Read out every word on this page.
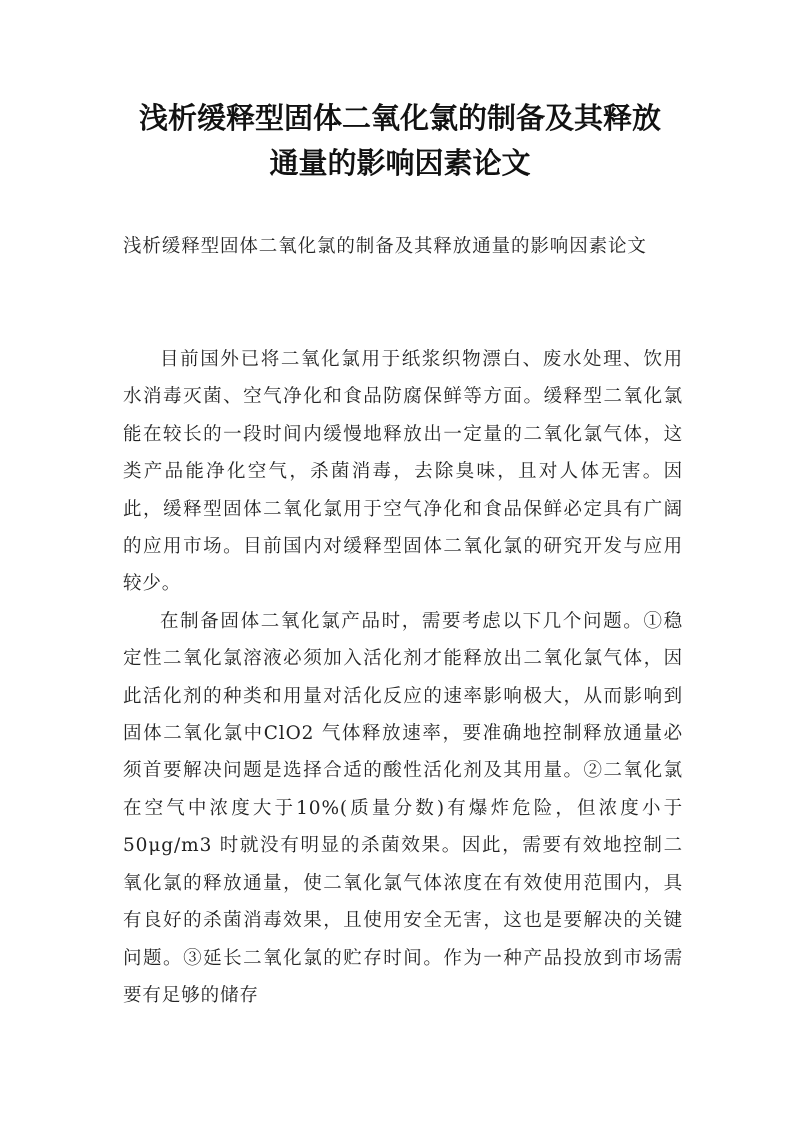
浅析缓释型固体二氧化氯的制备及其释放
通量的影响因素论文

浅析缓释型固体二氧化氯的制备及其释放通量的影响因素论文

目前国外已将二氧化氯用于纸浆织物漂白、废水处理、饮用水消毒灭菌、空气净化和食品防腐保鲜等方面。缓释型二氧化氯能在较长的一段时间内缓慢地释放出一定量的二氧化氯气体，这类产品能净化空气，杀菌消毒，去除臭味，且对人体无害。因此，缓释型固体二氧化氯用于空气净化和食品保鲜必定具有广阔的应用市场。目前国内对缓释型固体二氧化氯的研究开发与应用较少。

在制备固体二氧化氯产品时，需要考虑以下几个问题。①稳定性二氧化氯溶液必须加入活化剂才能释放出二氧化氯气体，因此活化剂的种类和用量对活化反应的速率影响极大，从而影响到固体二氧化氯中ClO2 气体释放速率，要准确地控制释放通量必须首要解决问题是选择合适的酸性活化剂及其用量。②二氧化氯在空气中浓度大于10%(质量分数)有爆炸危险，但浓度小于50μg/m3 时就没有明显的杀菌效果。因此，需要有效地控制二氧化氯的释放通量，使二氧化氯气体浓度在有效使用范围内，具有良好的杀菌消毒效果，且使用安全无害，这也是要解决的关键问题。③延长二氧化氯的贮存时间。作为一种产品投放到市场需要有足够的储存
